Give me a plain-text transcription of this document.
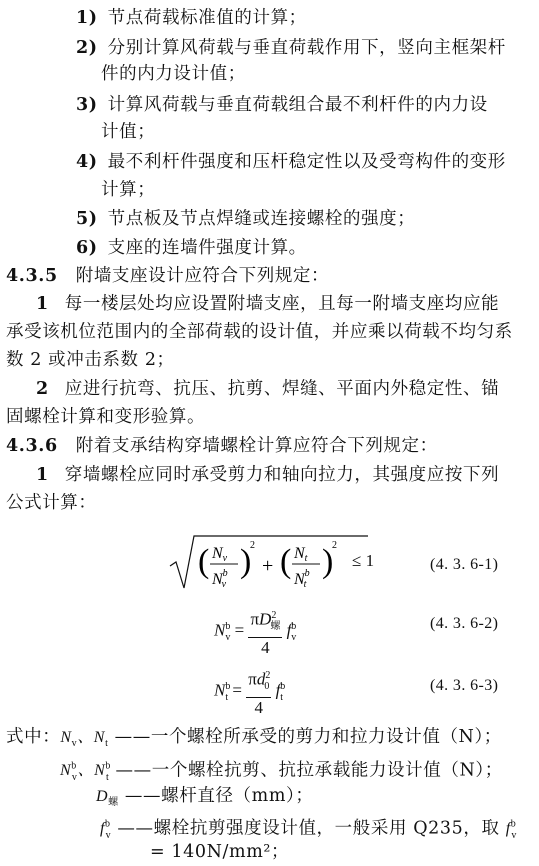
1) 节点荷载标准值的计算；
2) 分别计算风荷载与垂直荷载作用下，竖向主框架杆
件的内力设计值；
3) 计算风荷载与垂直荷载组合最不利杆件的内力设
计值；
4) 最不利杆件强度和压杆稳定性以及受弯构件的变形
计算；
5) 节点板及节点焊缝或连接螺栓的强度；
6) 支座的连墙件强度计算。
4.3.5 附墙支座设计应符合下列规定：
1 每一楼层处均应设置附墙支座，且每一附墙支座均应能
承受该机位范围内的全部荷载的设计值，并应乘以荷载不均匀系
数 2 或冲击系数 2；
2 应进行抗弯、抗压、抗剪、焊缝、平面内外稳定性、锚
固螺栓计算和变形验算。
4.3.6 附着支承结构穿墙螺栓计算应符合下列规定：
1 穿墙螺栓应同时承受剪力和轴向拉力，其强度应按下列
公式计算：
( Nv
$N^b$ v
)
2
+ ( Nt
$N^b$ t
)
2
≤ 1	(4. 3. 6-1)
$N^b_v = \frac{\pi D^2_螺}{4} f^b_v$
(4. 3. 6-2)
$N^b_t = \frac{\pi d^2_0}{4} f^b_t$
(4. 3. 6-3)
式中：$N_v$、$N_t$ ——一个螺栓所承受的剪力和拉力设计值（N）；
$N^b_v$、$N^b_t$ ——一个螺栓抗剪、抗拉承载能力设计值（N）；
$D_螺$ ——螺杆直径（mm）；
$f^b_v$ ——螺栓抗剪强度设计值，一般采用 Q235，取 $f^b_v$
= 140N/mm²；
